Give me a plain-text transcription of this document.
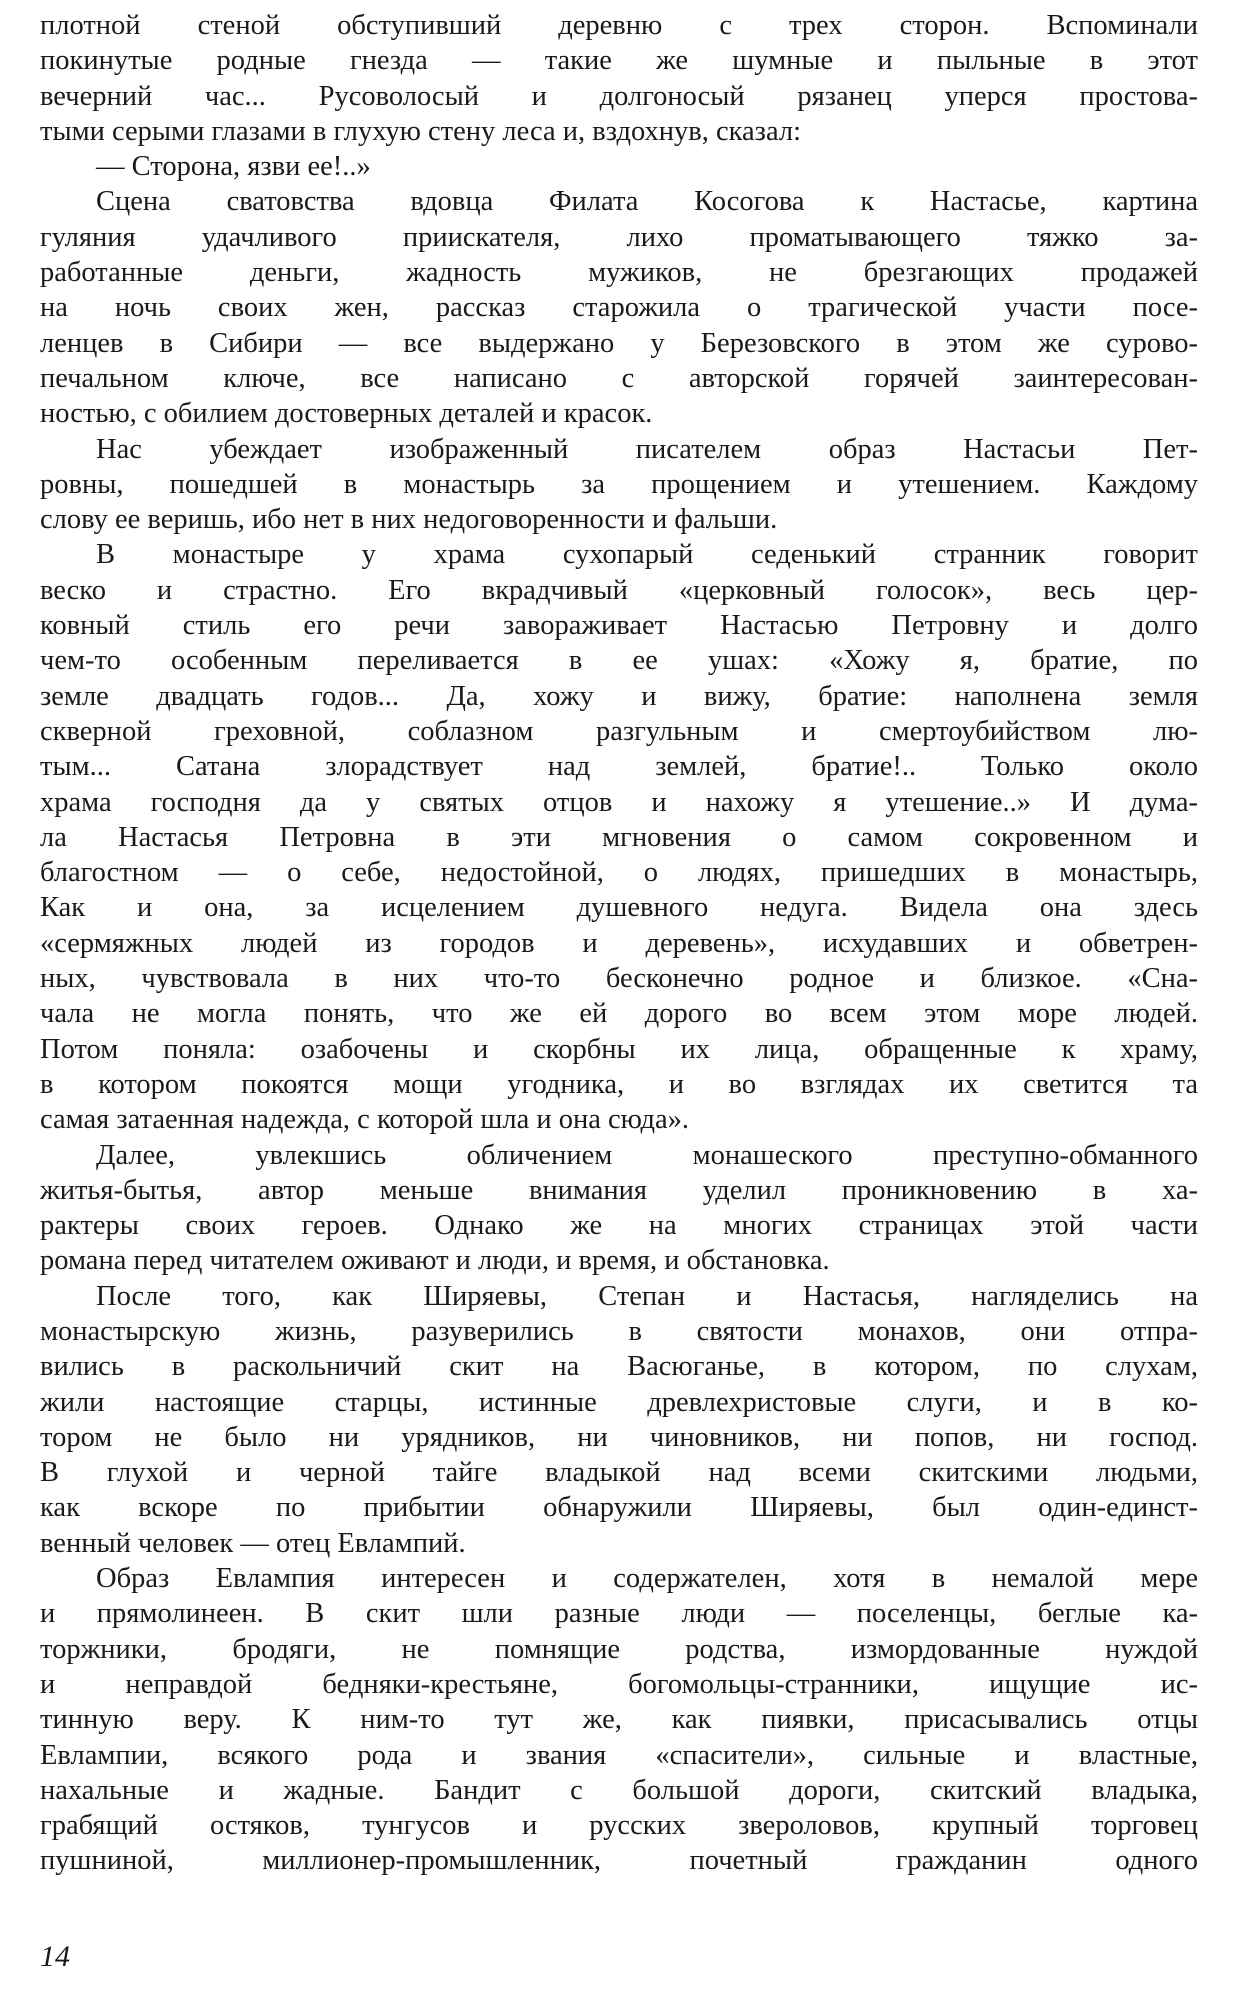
плотной стеной обступивший деревню с трех сторон. Вспоминали
покинутые родные гнезда — такие же шумные и пыльные в этот
вечерний час... Русоволосый и долгоносый рязанец уперся простова-
тыми серыми глазами в глухую стену леса и, вздохнув, сказал:
— Сторона, язви ее!..»
Сцена сватовства вдовца Филата Косогова к Настасье, картина
гуляния удачливого приискателя, лихо проматывающего тяжко за-
работанные деньги, жадность мужиков, не брезгающих продажей
на ночь своих жен, рассказ старожила о трагической участи посе-
ленцев в Сибири — все выдержано у Березовского в этом же сурово-
печальном ключе, все написано с авторской горячей заинтересован-
ностью, с обилием достоверных деталей и красок.
Нас убеждает изображенный писателем образ Настасьи Пет-
ровны, пошедшей в монастырь за прощением и утешением. Каждому
слову ее веришь, ибо нет в них недоговоренности и фальши.
В монастыре у храма сухопарый седенький странник говорит
веско и страстно. Его вкрадчивый «церковный голосок», весь цер-
ковный стиль его речи завораживает Настасью Петровну и долго
чем-то особенным переливается в ее ушах: «Хожу я, братие, по
земле двадцать годов... Да, хожу и вижу, братие: наполнена земля
скверной греховной, соблазном разгульным и смертоубийством лю-
тым... Сатана злорадствует над землей, братие!.. Только около
храма господня да у святых отцов и нахожу я утешение..» И дума-
ла Настасья Петровна в эти мгновения о самом сокровенном и
благостном — о себе, недостойной, о людях, пришедших в монастырь,
Как и она, за исцелением душевного недуга. Видела она здесь
«сермяжных людей из городов и деревень», исхудавших и обветрен-
ных, чувствовала в них что-то бесконечно родное и близкое. «Сна-
чала не могла понять, что же ей дорого во всем этом море людей.
Потом поняла: озабочены и скорбны их лица, обращенные к храму,
в котором покоятся мощи угодника, и во взглядах их светится та
самая затаенная надежда, с которой шла и она сюда».
Далее, увлекшись обличением монашеского преступно-обманного
житья-бытья, автор меньше внимания уделил проникновению в ха-
рактеры своих героев. Однако же на многих страницах этой части
романа перед читателем оживают и люди, и время, и обстановка.
После того, как Ширяевы, Степан и Настасья, нагляделись на
монастырскую жизнь, разуверились в святости монахов, они отпра-
вились в раскольничий скит на Васюганье, в котором, по слухам,
жили настоящие старцы, истинные древлехристовые слуги, и в ко-
тором не было ни урядников, ни чиновников, ни попов, ни господ.
В глухой и черной тайге владыкой над всеми скитскими людьми,
как вскоре по прибытии обнаружили Ширяевы, был один-единст-
венный человек — отец Евлампий.
Образ Евлампия интересен и содержателен, хотя в немалой мере
и прямолинеен. В скит шли разные люди — поселенцы, беглые ка-
торжники, бродяги, не помнящие родства, измордованные нуждой
и неправдой бедняки-крестьяне, богомольцы-странники, ищущие ис-
тинную веру. К ним-то тут же, как пиявки, присасывались отцы
Евлампии, всякого рода и звания «спасители», сильные и властные,
нахальные и жадные. Бандит с большой дороги, скитский владыка,
грабящий остяков, тунгусов и русских звероловов, крупный торговец
пушниной, миллионер-промышленник, почетный гражданин одного
14
